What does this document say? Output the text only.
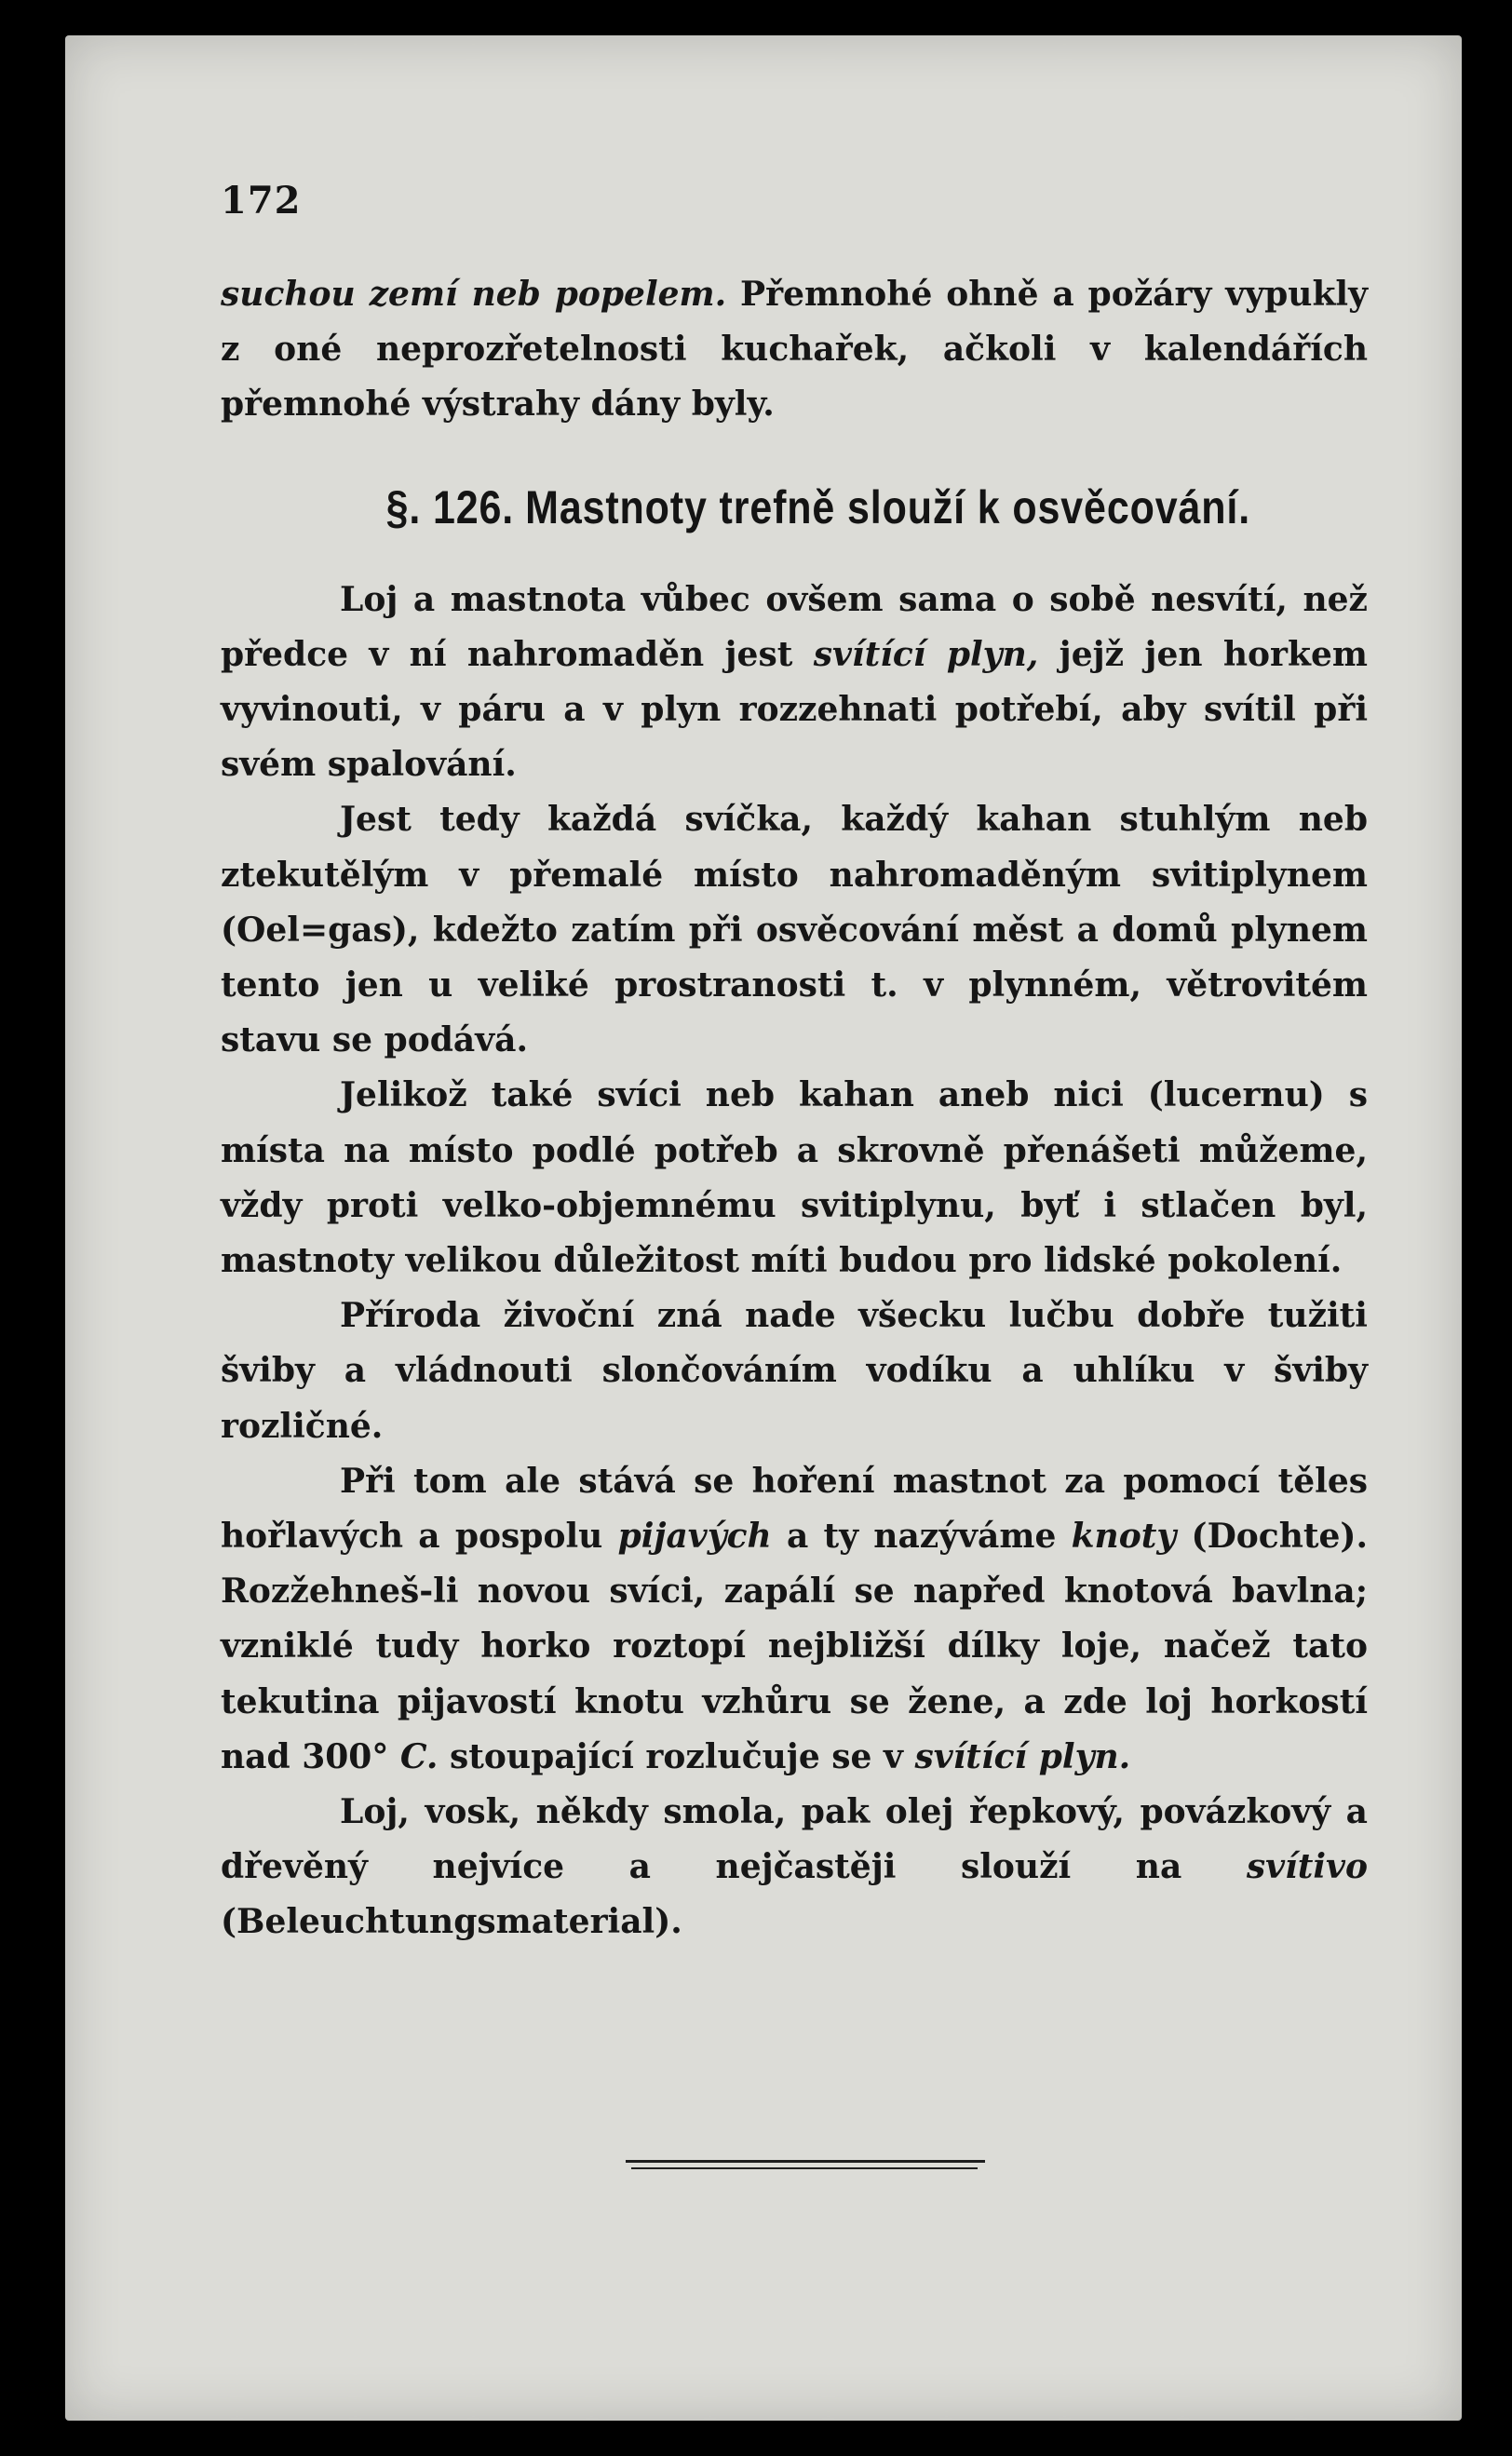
172

suchou zemí neb popelem. Přemnohé ohně a požáry vypukly z oné neprozřetelnosti kuchařek, ačkoli v kalendářích přemnohé výstrahy dány byly.

§. 126. Mastnoty trefně slouží k osvěcování.

Loj a mastnota vůbec ovšem sama o sobě nesvítí, než předce v ní nahromaděn jest svítící plyn, jejž jen horkem vyvinouti, v páru a v plyn rozzehnati potřebí, aby svítil při svém spalování.

Jest tedy každá svíčka, každý kahan stuhlým neb ztekutělým v přemalé místo nahromaděným svitiplynem (Oel=gas), kdežto zatím při osvěcování měst a domů plynem tento jen u veliké prostranosti t. v plynném, větrovitém stavu se podává.

Jelikož také svíci neb kahan aneb nici (lucernu) s místa na místo podlé potřeb a skrovně přenášeti můžeme, vždy proti velko-objemnému svitiplynu, byť i stlačen byl, mastnoty velikou důležitost míti budou pro lidské pokolení.

Příroda živoční zná nade všecku lučbu dobře tužiti šviby a vládnouti slončováním vodíku a uhlíku v šviby rozličné.

Při tom ale stává se hoření mastnot za pomocí těles hořlavých a pospolu pijavých a ty nazýváme knoty (Dochte). Rozžehneš-li novou svíci, zapálí se napřed knotová bavlna; vzniklé tudy horko roztopí nejbližší dílky loje, načež tato tekutina pijavostí knotu vzhůru se žene, a zde loj horkostí nad 300° C. stoupající rozlučuje se v svítící plyn.

Loj, vosk, někdy smola, pak olej řepkový, povázkový a dřevěný nejvíce a nejčastěji slouží na svítivo (Beleuchtungsmaterial).
